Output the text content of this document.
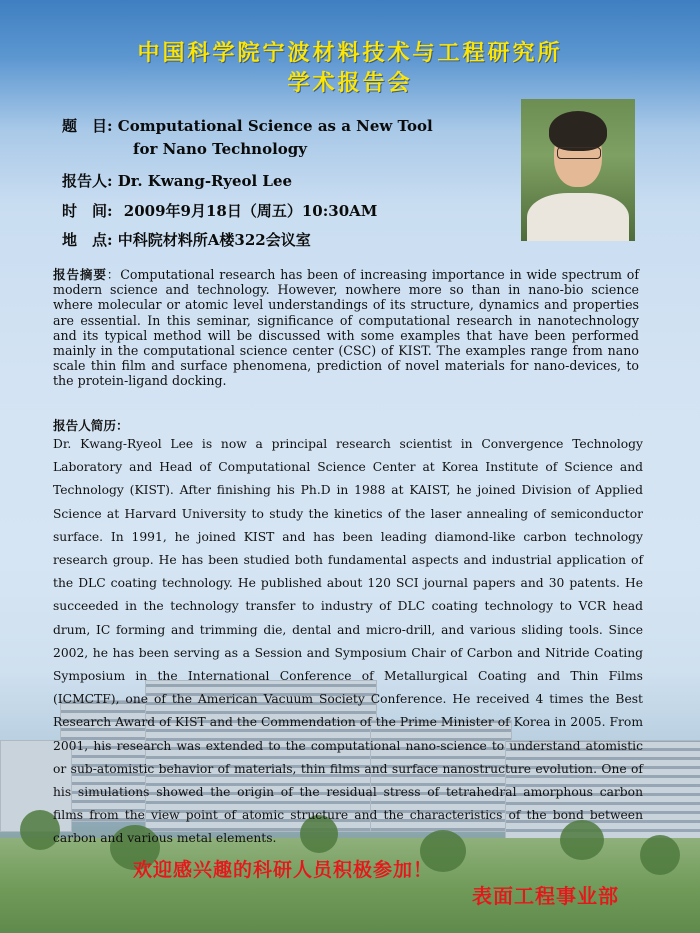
中国科学院宁波材料技术与工程研究所
学术报告会
题　目: Computational Science as a New Tool
for Nano Technology
报告人: Dr. Kwang-Ryeol Lee
时　间: 2009年9月18日（周五）10:30AM
地　点: 中科院材料所A楼322会议室
报告摘要：Computational research has been of increasing importance in wide spectrum of modern science and technology. However, nowhere more so than in nano-bio science where molecular or atomic level understandings of its structure, dynamics and properties are essential. In this seminar, significance of computational research in nanotechnology and its typical method will be discussed with some examples that have been performed mainly in the computational science center (CSC) of KIST. The examples range from nano scale thin film and surface phenomena, prediction of novel materials for nano-devices, to the protein-ligand docking.
报告人简历：
Dr. Kwang-Ryeol Lee is now a principal research scientist in Convergence Technology Laboratory and Head of Computational Science Center at Korea Institute of Science and Technology (KIST). After finishing his Ph.D in 1988 at KAIST, he joined Division of Applied Science at Harvard University to study the kinetics of the laser annealing of semiconductor surface. In 1991, he joined KIST and has been leading diamond-like carbon technology research group. He has been studied both fundamental aspects and industrial application of the DLC coating technology. He published about 120 SCI journal papers and 30 patents. He succeeded in the technology transfer to industry of DLC coating technology to VCR head drum, IC forming and trimming die, dental and micro-drill, and various sliding tools. Since 2002, he has been serving as a Session and Symposium Chair of Carbon and Nitride Coating Symposium in the International Conference of Metallurgical Coating and Thin Films (ICMCTF), one of the American Vacuum Society Conference. He received 4 times the Best Research Award of KIST and the Commendation of the Prime Minister of Korea in 2005. From 2001, his research was extended to the computational nano-science to understand atomistic or sub-atomistic behavior of materials, thin films and surface nanostructure evolution. One of his simulations showed the origin of the residual stress of tetrahedral amorphous carbon films from the view point of atomic structure and the characteristics of the bond between carbon and various metal elements.
欢迎感兴趣的科研人员积极参加！
表面工程事业部
